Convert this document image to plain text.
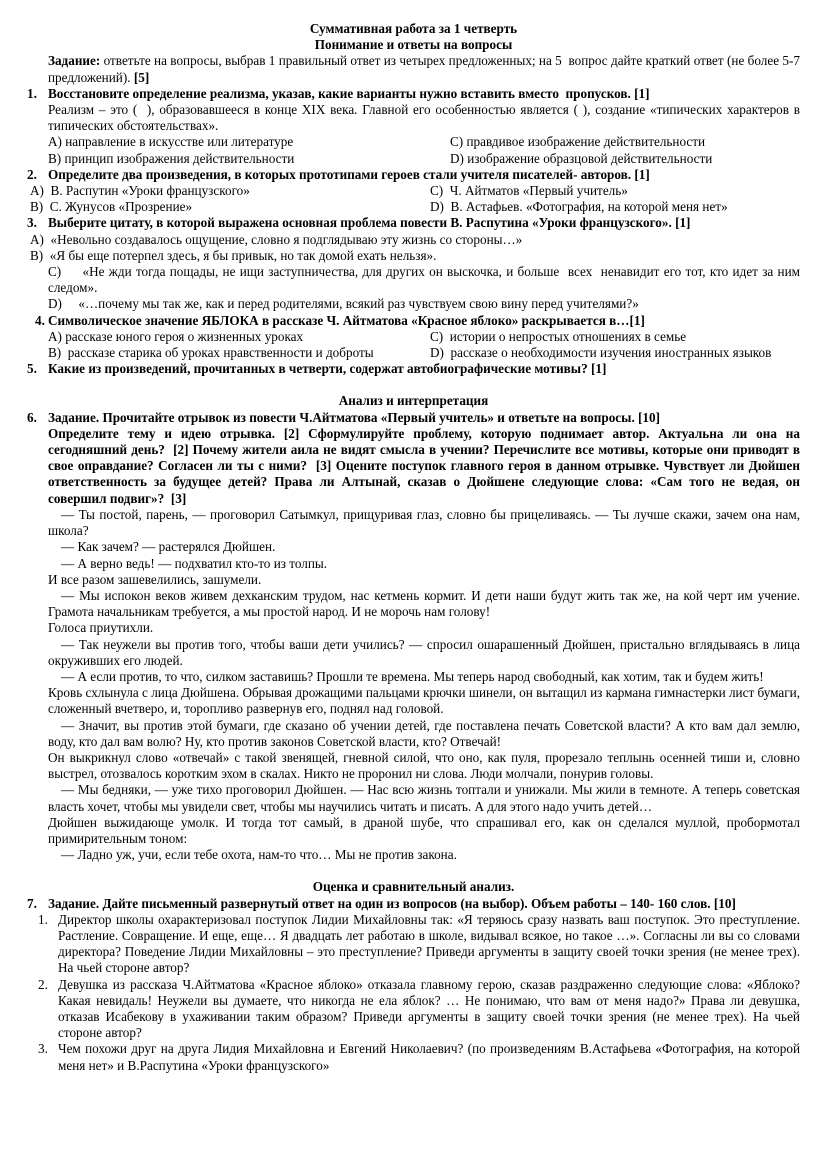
Суммативная работа за 1 четверть

Понимание и ответы на вопросы

Задание: ответьте на вопросы, выбрав 1 правильный ответ из четырех предложенных; на 5  вопрос дайте краткий ответ (не более 5-7 предложений). [5]

1. Восстановите определение реализма, указав, какие варианты нужно вставить вместо  пропусков. [1]

Реализм – это (  ), образовавшееся в конце XIX века. Главной его особенностью является ( ), создание «типических характеров в типических обстоятельствах».

А) направление в искусстве или литературе	С) правдивое изображение действительности
В) принцип изображения действительности	D) изображение образцовой действительности
2. Определите два произведения, в которых прототипами героев стали учителя писателей- авторов. [1]
А)  В. Распутин «Уроки французского»	С)  Ч. Айтматов «Первый учитель»
В)  С. Жунусов «Прозрение»	D)  В. Астафьев. «Фотография, на которой меня нет»
3. Выберите цитату, в которой выражена основная проблема повести В. Распутина «Уроки французского». [1]

А)  «Невольно создавалось ощущение, словно я подглядываю эту жизнь со стороны…»

В)  «Я бы еще потерпел здесь, я бы привык, но так домой ехать нельзя».

С)     «Не жди тогда пощады, не ищи заступничества, для других он выскочка, и больше  всех  ненавидит его тот, кто идет за ним следом».

D)     «…почему мы так же, как и перед родителями, всякий раз чувствуем свою вину перед учителями?»

4. Символическое значение ЯБЛОКА в рассказе Ч. Айтматова «Красное яблоко» раскрывается в…[1]
А) рассказе юного героя о жизненных уроках	С)  истории о непростых отношениях в семье
В)  рассказе старика об уроках нравственности и доброты	D)  рассказе о необходимости изучения иностранных языков
5. Какие из произведений, прочитанных в четверти, содержат автобиографические мотивы? [1]

Анализ и интерпретация

6. Задание. Прочитайте отрывок из повести Ч.Айтматова «Первый учитель» и ответьте на вопросы. [10]

Определите тему и идею отрывка. [2] Сформулируйте проблему, которую поднимает автор. Актуальна ли она на сегодняшний день?  [2] Почему жители аила не видят смысла в учении? Перечислите все мотивы, которые они приводят в свое оправдание? Согласен ли ты с ними?  [3] Оцените поступок главного героя в данном отрывке. Чувствует ли Дюйшен ответственность за будущее детей? Права ли Алтынай, сказав о Дюйшене следующие слова: «Сам того не ведая, он совершил подвиг»?  [3]

— Ты постой, парень, — проговорил Сатымкул, прищуривая глаз, словно бы прицеливаясь. — Ты лучше скажи, зачем она нам, школа?

— Как зачем? — растерялся Дюйшен.

— А верно ведь! — подхватил кто-то из толпы.

И все разом зашевелились, зашумели.

— Мы испокон веков живем дехканским трудом, нас кетмень кормит. И дети наши будут жить так же, на кой черт им учение. Грамота начальникам требуется, а мы простой народ. И не морочь нам голову!

Голоса приутихли.

— Так неужели вы против того, чтобы ваши дети учились? — спросил ошарашенный Дюйшен, пристально вглядываясь в лица окруживших его людей.

— А если против, то что, силком заставишь? Прошли те времена. Мы теперь народ свободный, как хотим, так и будем жить!

Кровь схлынула с лица Дюйшена. Обрывая дрожащими пальцами крючки шинели, он вытащил из кармана гимнастерки лист бумаги, сложенный вчетверо, и, торопливо развернув его, поднял над головой.

— Значит, вы против этой бумаги, где сказано об учении детей, где поставлена печать Советской власти? А кто вам дал землю, воду, кто дал вам волю? Ну, кто против законов Советской власти, кто? Отвечай!

Он выкрикнул слово «отвечай» с такой звенящей, гневной силой, что оно, как пуля, прорезало теплынь осенней тиши и, словно выстрел, отозвалось коротким эхом в скалах. Никто не проронил ни слова. Люди молчали, понурив головы.

— Мы бедняки, — уже тихо проговорил Дюйшен. — Нас всю жизнь топтали и унижали. Мы жили в темноте. А теперь советская власть хочет, чтобы мы увидели свет, чтобы мы научились читать и писать. А для этого надо учить детей…

Дюйшен выжидающе умолк. И тогда тот самый, в драной шубе, что спрашивал его, как он сделался муллой, пробормотал примирительным тоном:

— Ладно уж, учи, если тебе охота, нам-то что… Мы не против закона.

Оценка и сравнительный анализ.

7. Задание. Дайте письменный развернутый ответ на один из вопросов (на выбор). Объем работы – 140- 160 слов. [10]
1. Директор школы охарактеризовал поступок Лидии Михайловны так: «Я теряюсь сразу назвать ваш поступок. Это преступление. Растление. Совращение. И еще, еще… Я двадцать лет работаю в школе, видывал всякое, но такое …». Согласны ли вы со словами директора? Поведение Лидии Михайловны – это преступление? Приведи аргументы в защиту своей точки зрения (не менее трех). На чьей стороне автор?
2. Девушка из рассказа Ч.Айтматова «Красное яблоко» отказала главному герою, сказав раздраженно следующие слова: «Яблоко? Какая невидаль! Неужели вы думаете, что никогда не ела яблок? … Не понимаю, что вам от меня надо?» Права ли девушка, отказав Исабекову в ухаживании таким образом? Приведи аргументы в защиту своей точки зрения (не менее трех). На чьей стороне автор?
3. Чем похожи друг на друга Лидия Михайловна и Евгений Николаевич? (по произведениям В.Астафьева «Фотография, на которой меня нет» и В.Распутина «Уроки французского»
